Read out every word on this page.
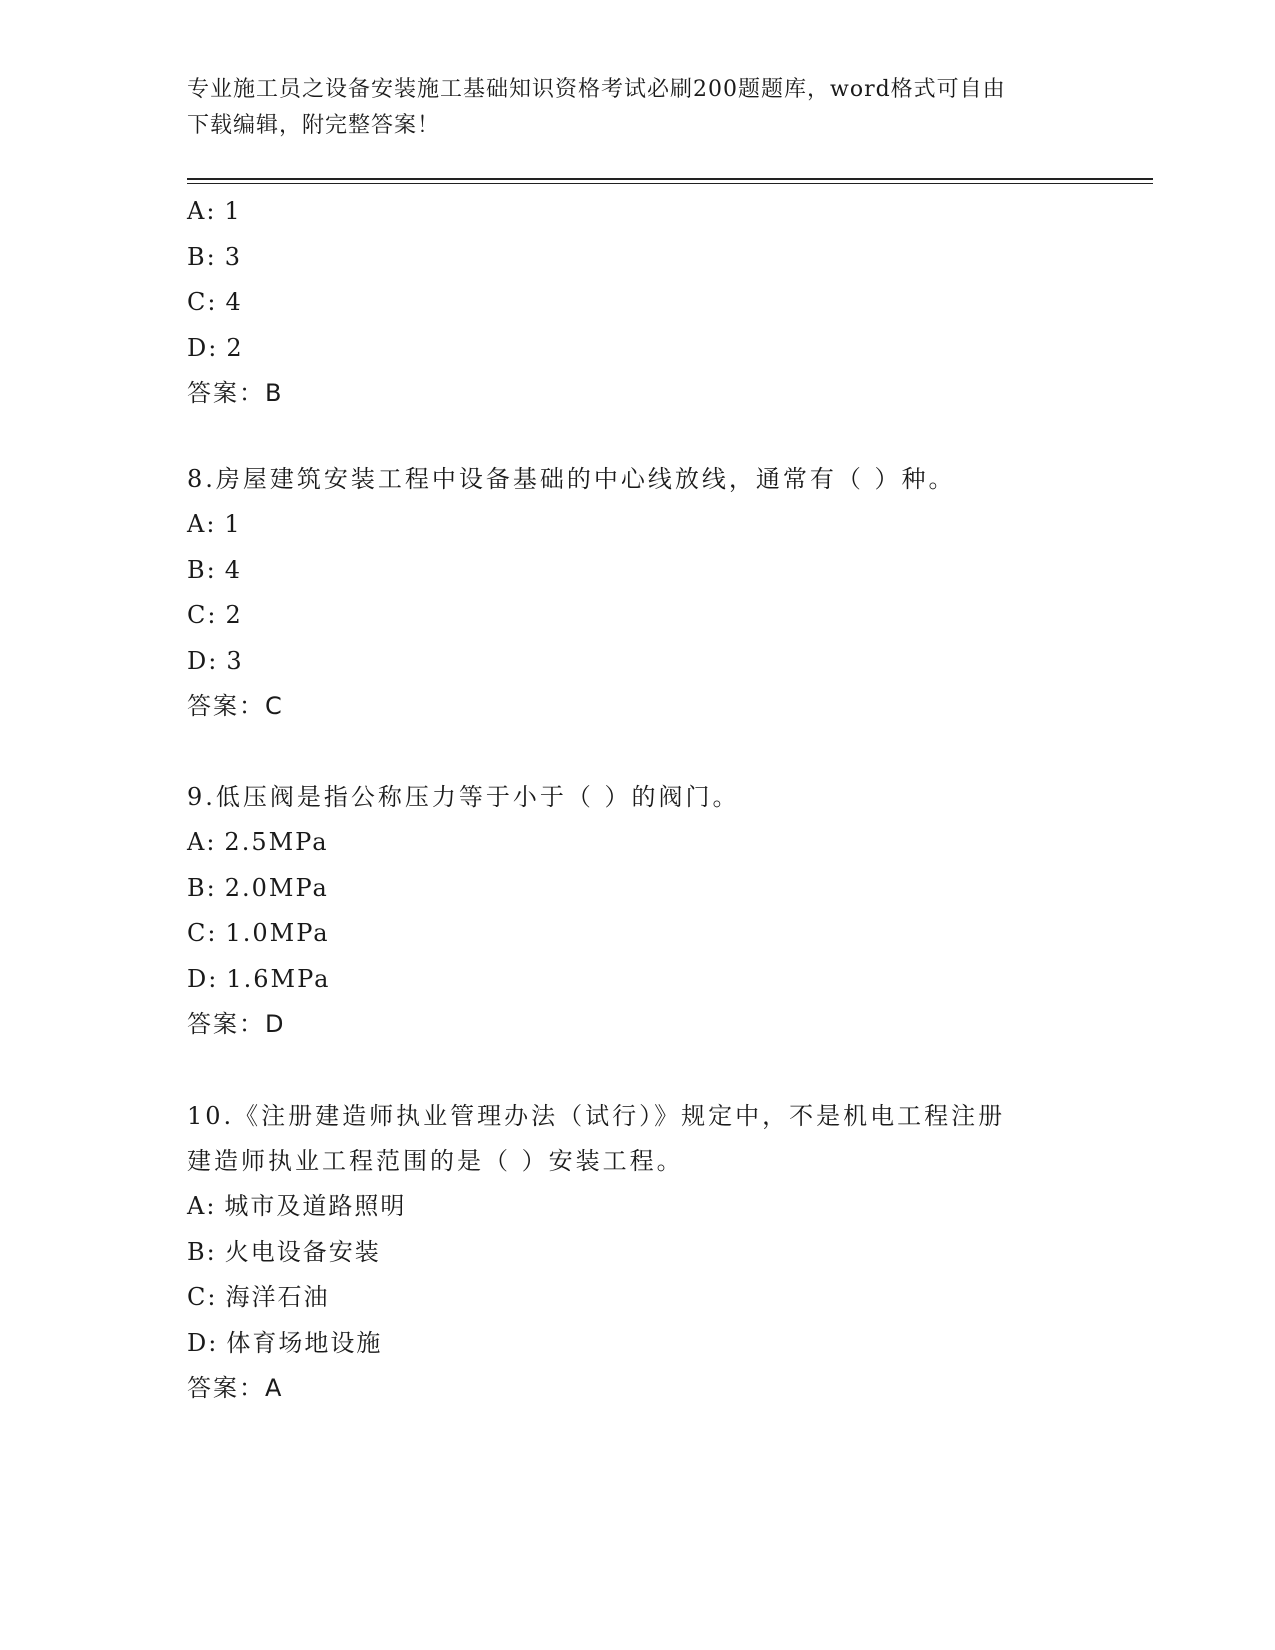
专业施工员之设备安装施工基础知识资格考试必刷200题题库，word格式可自由
下载编辑，附完整答案！

A: 1

B: 3

C: 4

D: 2

答案：B

8.房屋建筑安装工程中设备基础的中心线放线，通常有（ ）种。

A: 1

B: 4

C: 2

D: 3

答案：C

9.低压阀是指公称压力等于小于（ ）的阀门。

A: 2.5MPa

B: 2.0MPa

C: 1.0MPa

D: 1.6MPa

答案：D

10.《注册建造师执业管理办法（试行）》规定中，不是机电工程注册

建造师执业工程范围的是（ ）安装工程。

A: 城市及道路照明

B: 火电设备安装

C: 海洋石油

D: 体育场地设施

答案：A
